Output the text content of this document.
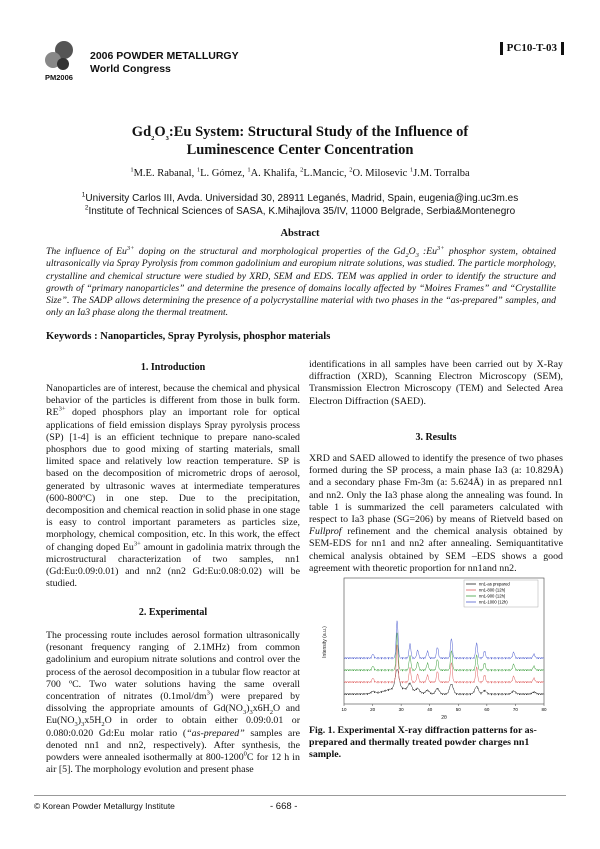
2006 POWDER METALLURGY
World Congress
PM2006
PC10-T-03
$Gd_2O_3:Eu$ System: Structural Study of the Influence of
Luminescence Center Concentration
$^1$M.E. Rabanal, $^1$L. Gómez, $^1$A. Khalifa, $^2$L.Mancic, $^2$O. Milosevic $^1$J.M. Torralba
$^1$University Carlos III, Avda. Universidad 30, 28911 Leganés, Madrid, Spain, eugenia@ing.uc3m.es
$^2$Institute of Technical Sciences of SASA, K.Mihajlova 35/IV, 11000 Belgrade, Serbia&Montenegro
Abstract
The influence of $Eu^{3+}$ doping on the structural and morphological properties of the $Gd_2O_3$ $:Eu^{3+}$ phosphor system, obtained ultrasonically via Spray Pyrolysis from common gadolinium and europium nitrate solutions, was studied. The particle morphology, crystalline and chemical structure were studied by XRD, SEM and EDS. TEM was applied in order to identify the structure and growth of “primary nanoparticles” and determine the presence of domains locally affected by “Moires Frames” and “Crystallite Size”. The SADP allows determining the presence of a polycrystalline material with two phases in the “as-prepared” samples, and only an Ia3 phase along the thermal treatment.
Keywords : Nanoparticles, Spray Pyrolysis, phosphor materials
1. Introduction
Nanoparticles are of interest, because the chemical and physical behavior of the particles is different from those in bulk form. $RE^{3+}$ doped phosphors play an important role for optical applications of field emission displays Spray pyrolysis process (SP) [1-4] is an efficient technique to prepare nano-scaled phosphors due to good mixing of starting materials, small limited space and relatively low reaction temperature. SP is based on the decomposition of micrometric drops of aerosol, generated by ultrasonic waves at intermediate temperatures (600-800ºC) in one step. Due to the precipitation, decomposition and chemical reaction in solid phase in one stage is easy to control important parameters as particles size, morphology, chemical composition, etc. In this work, the effect of changing doped $Eu^{3+}$ amount in gadolinia matrix through the microstructural characterization of two samples, nn1 (Gd:Eu:0.09:0.01) and nn2 (nn2 Gd:Eu:0.08:0.02) will be studied.
2. Experimental
The processing route includes aerosol formation ultrasonically (resonant frequency ranging of 2.1MHz) from common gadolinium and europium nitrate solutions and control over the process of the aerosol decomposition in a tubular flow reactor at 700 ºC. Two water solutions having the same overall concentration of nitrates $(0.1mol/dm^3)$ were prepared by dissolving the appropriate amounts of $Gd(NO_3)_3x6H_2O$ and $Eu(NO_3)_3x5H_2O$ in order to obtain either 0.09:0.01 or 0.080:0.020 Gd:Eu molar ratio (“as-prepared” samples are denoted nn1 and nn2, respectively). After synthesis, the powders were annealed isothermally at 800-1200$^0$C for 12 h in air [5]. The morphology evolution and present phase
identifications in all samples have been carried out by X-Ray diffraction (XRD), Scanning Electron Microscopy (SEM), Transmission Electron Microscopy (TEM) and Selected Area Electron Diffraction (SAED).
3. Results
XRD and SAED allowed to identify the presence of two phases formed during the SP process, a main phase Ia3 (a: 10.829Å) and a secondary phase Fm-3m (a: 5.624Å) in as prepared nn1 and nn2. Only the Ia3 phase along the annealing was found. In table 1 is summarized the cell parameters calculated with respect to Ia3 phase (SG=206) by means of Rietveld based on Fullprof refinement and the chemical analysis obtained by SEM-EDS for nn1 and nn2 after annealing. Semiquantitative chemical analysis obtained by SEM –EDS shows a good agreement with theoretic proportion for nn1and nn2.
Intensity (a.u.)
2θ
10	20	30	40	50	60	70	80
nn1-as prepared
nn1-800 (12h)
nn1-900 (12h)
nn1-1000 (12h)
Fig. 1. Experimental X-ray diffraction patterns for as-prepared and thermally treated powder charges nn1 sample.
© Korean Powder Metallurgy Institute	- 668 -
